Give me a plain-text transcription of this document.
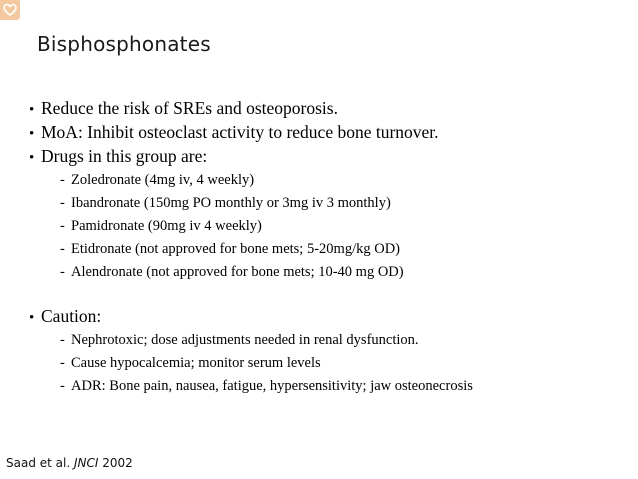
Bisphosphonates
• Reduce the risk of SREs and osteoporosis.
• MoA: Inhibit osteoclast activity to reduce bone turnover.
• Drugs in this group are:
- Zoledronate (4mg iv, 4 weekly)
- Ibandronate (150mg PO monthly or 3mg iv 3 monthly)
- Pamidronate (90mg iv 4 weekly)
- Etidronate (not approved for bone mets; 5-20mg/kg OD)
- Alendronate (not approved for bone mets; 10-40 mg OD)
• Caution:
- Nephrotoxic; dose adjustments needed in renal dysfunction.
- Cause hypocalcemia; monitor serum levels
- ADR: Bone pain, nausea, fatigue, hypersensitivity; jaw osteonecrosis
Saad et al. JNCI 2002
